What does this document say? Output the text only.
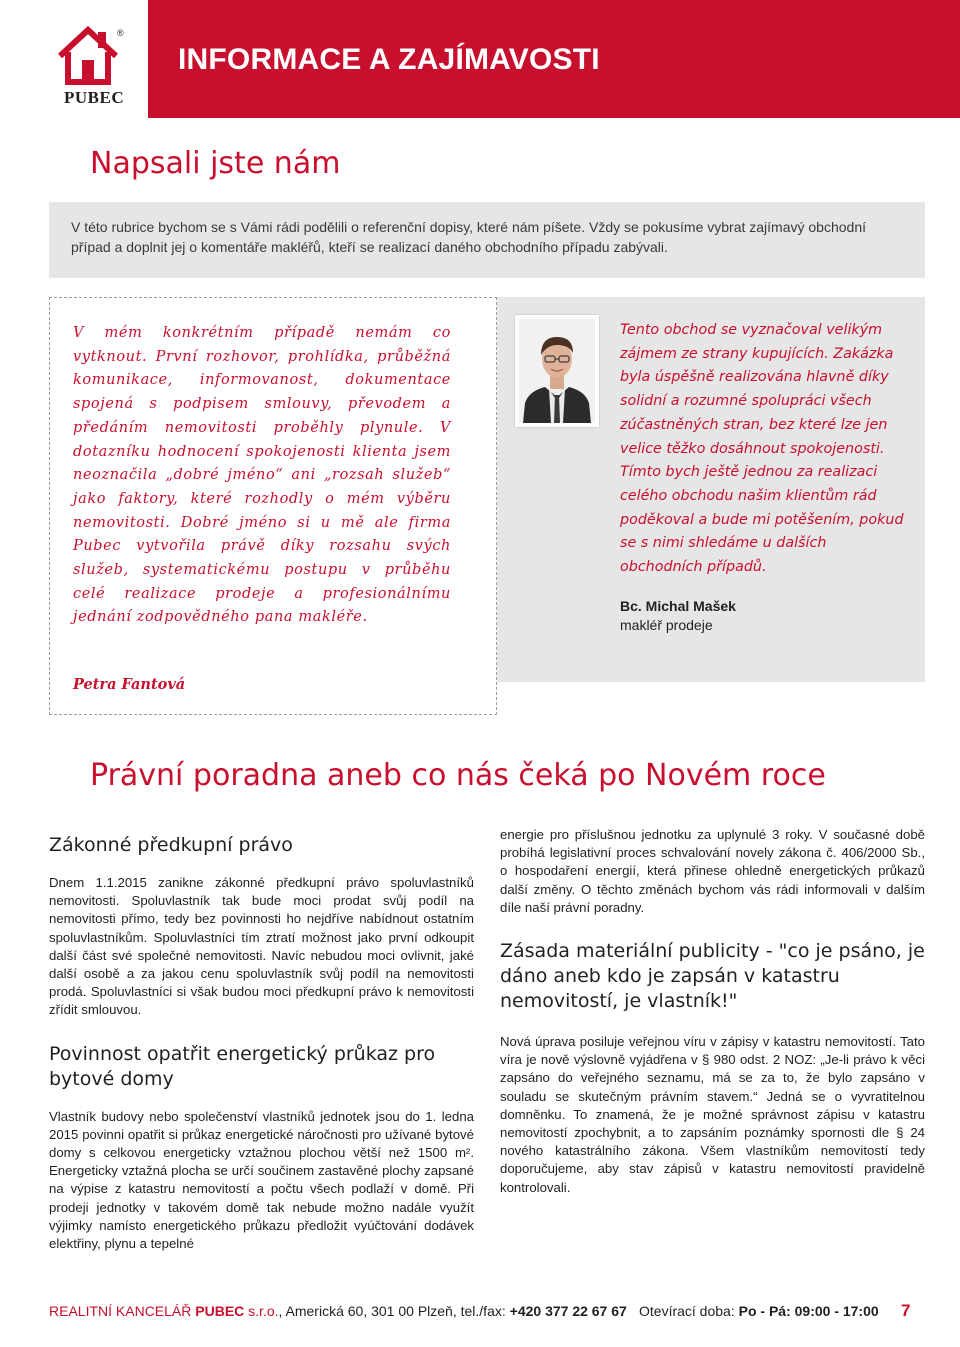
®
PUBEC
INFORMACE A ZAJÍMAVOSTI
Napsali jste nám

V této rubrice bychom se s Vámi rádi podělili o referenční dopisy, které nám píšete. Vždy se pokusíme vybrat zajímavý obchodní případ a doplnit jej o komentáře makléřů, kteří se realizací daného obchodního případu zabývali.

V mém konkrétním případě nemám co vytknout. První rozhovor, prohlídka, průběžná komunikace, informovanost, dokumentace spojená s podpisem smlouvy, převodem a předáním nemovitosti proběhly plynule. V dotazníku hodnocení spokojenosti klienta jsem neoznačila „dobré jméno“ ani „rozsah služeb“ jako faktory, které rozhodly o mém výběru nemovitosti. Dobré jméno si u mě ale firma Pubec vytvořila právě díky rozsahu svých služeb, systematickému postupu v průběhu celé realizace prodeje a profesionálnímu jednání zodpovědného pana makléře.

Petra Fantová

Tento obchod se vyznačoval velikým zájmem ze strany kupujících. Zakázka byla úspěšně realizována hlavně díky solidní a rozumné spolupráci všech zúčastněných stran, bez které lze jen velice těžko dosáhnout spokojenosti. Tímto bych ještě jednou za realizaci celého obchodu našim klientům rád poděkoval a bude mi potěšením, pokud se s nimi shledáme u dalších obchodních případů.

Bc. Michal Mašek

makléř prodeje

Právní poradna aneb co nás čeká po Novém roce
Zákonné předkupní právo

Dnem 1.1.2015 zanikne zákonné předkupní právo spoluvlastníků nemovitosti. Spoluvlastník tak bude moci prodat svůj podíl na nemovitosti přímo, tedy bez povinnosti ho nejdříve nabídnout ostatním spoluvlastníkům. Spoluvlastníci tím ztratí možnost jako první odkoupit další část své společné nemovitosti. Navíc nebudou moci ovlivnit, jaké další osobě a za jakou cenu spoluvlastník svůj podíl na nemovitosti prodá. Spoluvlastníci si však budou moci předkupní právo k nemovitosti zřídit smlouvou.

Povinnost opatřit energetický průkaz pro bytové domy

Vlastník budovy nebo společenství vlastníků jednotek jsou do 1. ledna 2015 povinni opatřit si průkaz energetické náročnosti pro užívané bytové domy s celkovou energeticky vztažnou plochou větší než 1500 m². Energeticky vztažná plocha se určí součinem zastavěné plochy zapsané na výpise z katastru nemovitostí a počtu všech podlaží v domě. Při prodeji jednotky v takovém domě tak nebude možno nadále využít výjimky namísto energetického průkazu předložit vyúčtování dodávek elektřiny, plynu a tepelné

energie pro příslušnou jednotku za uplynulé 3 roky. V současné době probíhá legislativní proces schvalování novely zákona č. 406/2000 Sb., o hospodaření energií, která přinese ohledně energetických průkazů další změny. O těchto změnách bychom vás rádi informovali v dalším díle naší právní poradny.

Zásada materiální publicity - "co je psáno, je dáno aneb kdo je zapsán v katastru nemovitostí, je vlastník!"

Nová úprava posiluje veřejnou víru v zápisy v katastru nemovitostí. Tato víra je nově výslovně vyjádřena v § 980 odst. 2 NOZ: „Je-li právo k věci zapsáno do veřejného seznamu, má se za to, že bylo zapsáno v souladu se skutečným právním stavem.“ Jedná se o vyvratitelnou domněnku. To znamená, že je možné správnost zápisu v katastru nemovitostí zpochybnit, a to zapsáním poznámky spornosti dle § 24 nového katastrálního zákona. Všem vlastníkům nemovitostí tedy doporučujeme, aby stav zápisů v katastru nemovitostí pravidelně kontrolovali.

REALITNÍ KANCELÁŘ PUBEC s.r.o., Americká 60, 301 00 Plzeň, tel./fax: +420 377 22 67 67 Otevírací doba: Po - Pá: 09:00 - 17:00 7
